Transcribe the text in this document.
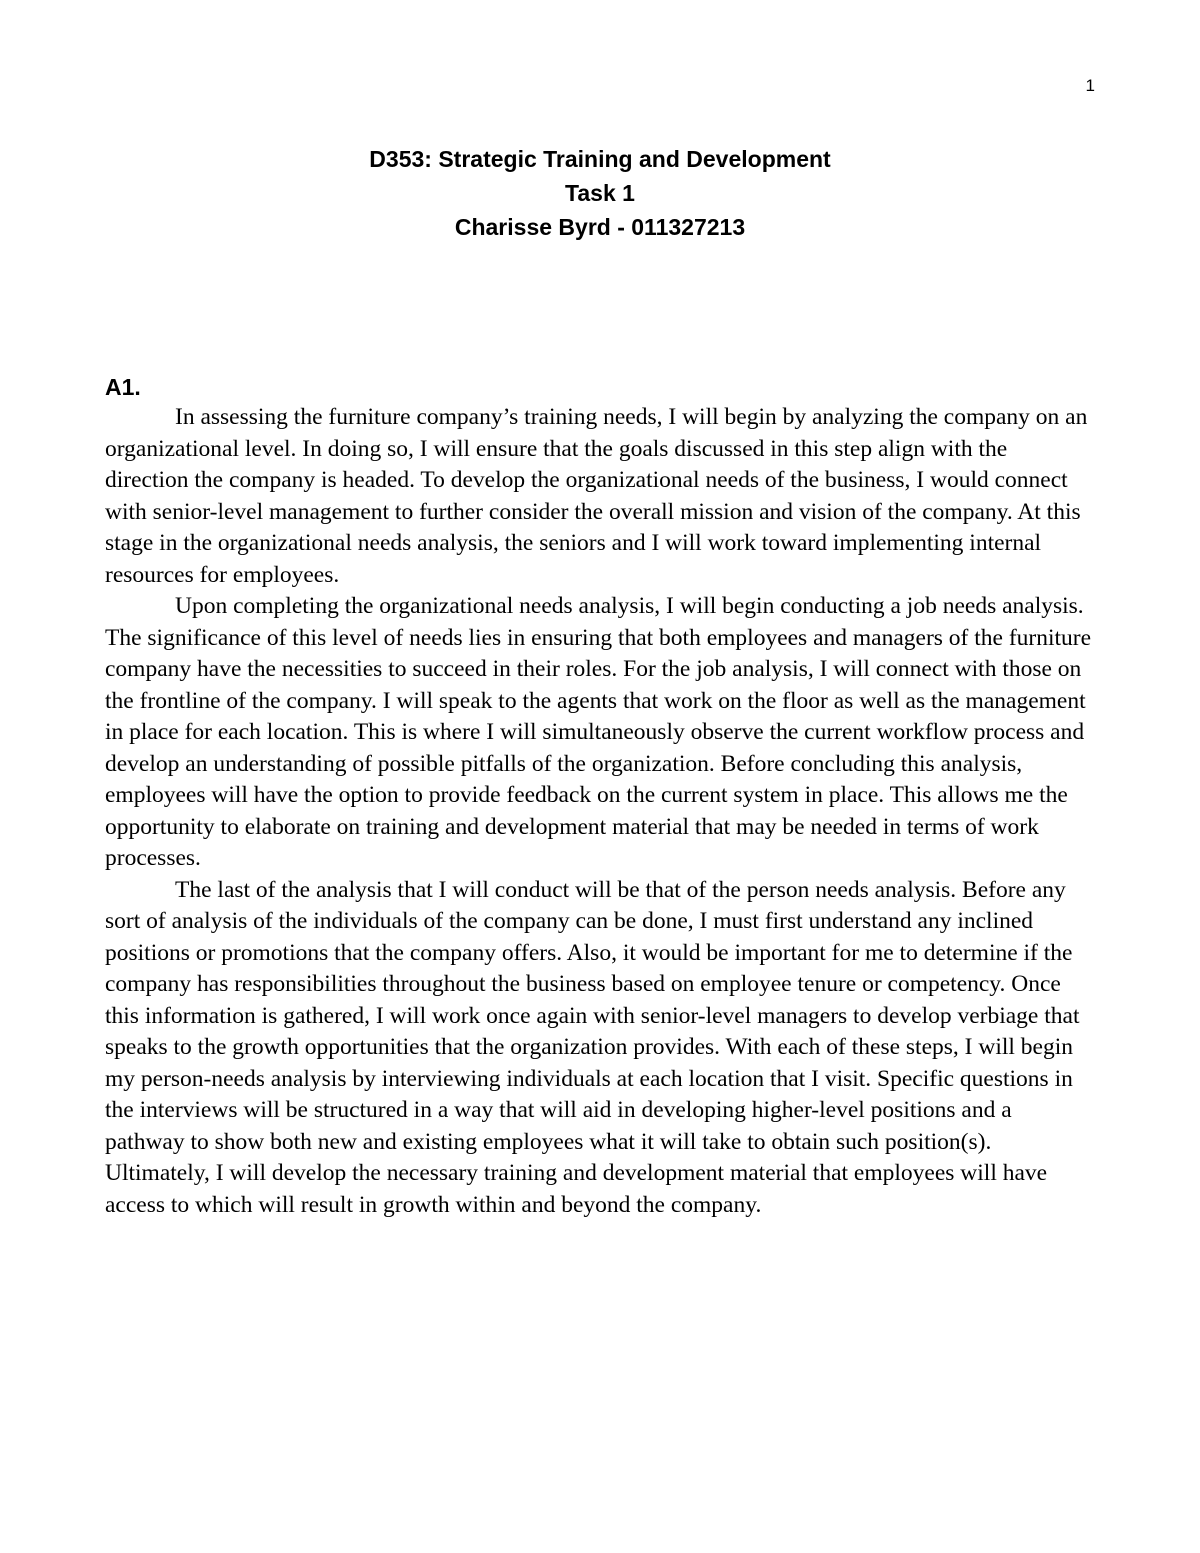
1
D353: Strategic Training and Development
Task 1
Charisse Byrd - 011327213
A1.

In assessing the furniture company’s training needs, I will begin by analyzing the company on an organizational level. In doing so, I will ensure that the goals discussed in this step align with the direction the company is headed. To develop the organizational needs of the business, I would connect with senior-level management to further consider the overall mission and vision of the company. At this stage in the organizational needs analysis, the seniors and I will work toward implementing internal resources for employees.

Upon completing the organizational needs analysis, I will begin conducting a job needs analysis. The significance of this level of needs lies in ensuring that both employees and managers of the furniture company have the necessities to succeed in their roles. For the job analysis, I will connect with those on the frontline of the company. I will speak to the agents that work on the floor as well as the management in place for each location. This is where I will simultaneously observe the current workflow process and develop an understanding of possible pitfalls of the organization. Before concluding this analysis, employees will have the option to provide feedback on the current system in place. This allows me the opportunity to elaborate on training and development material that may be needed in terms of work processes.

The last of the analysis that I will conduct will be that of the person needs analysis. Before any sort of analysis of the individuals of the company can be done, I must first understand any inclined positions or promotions that the company offers. Also, it would be important for me to determine if the company has responsibilities throughout the business based on employee tenure or competency. Once this information is gathered, I will work once again with senior-level managers to develop verbiage that speaks to the growth opportunities that the organization provides. With each of these steps, I will begin my person-needs analysis by interviewing individuals at each location that I visit. Specific questions in the interviews will be structured in a way that will aid in developing higher-level positions and a pathway to show both new and existing employees what it will take to obtain such position(s). Ultimately, I will develop the necessary training and development material that employees will have access to which will result in growth within and beyond the company.
